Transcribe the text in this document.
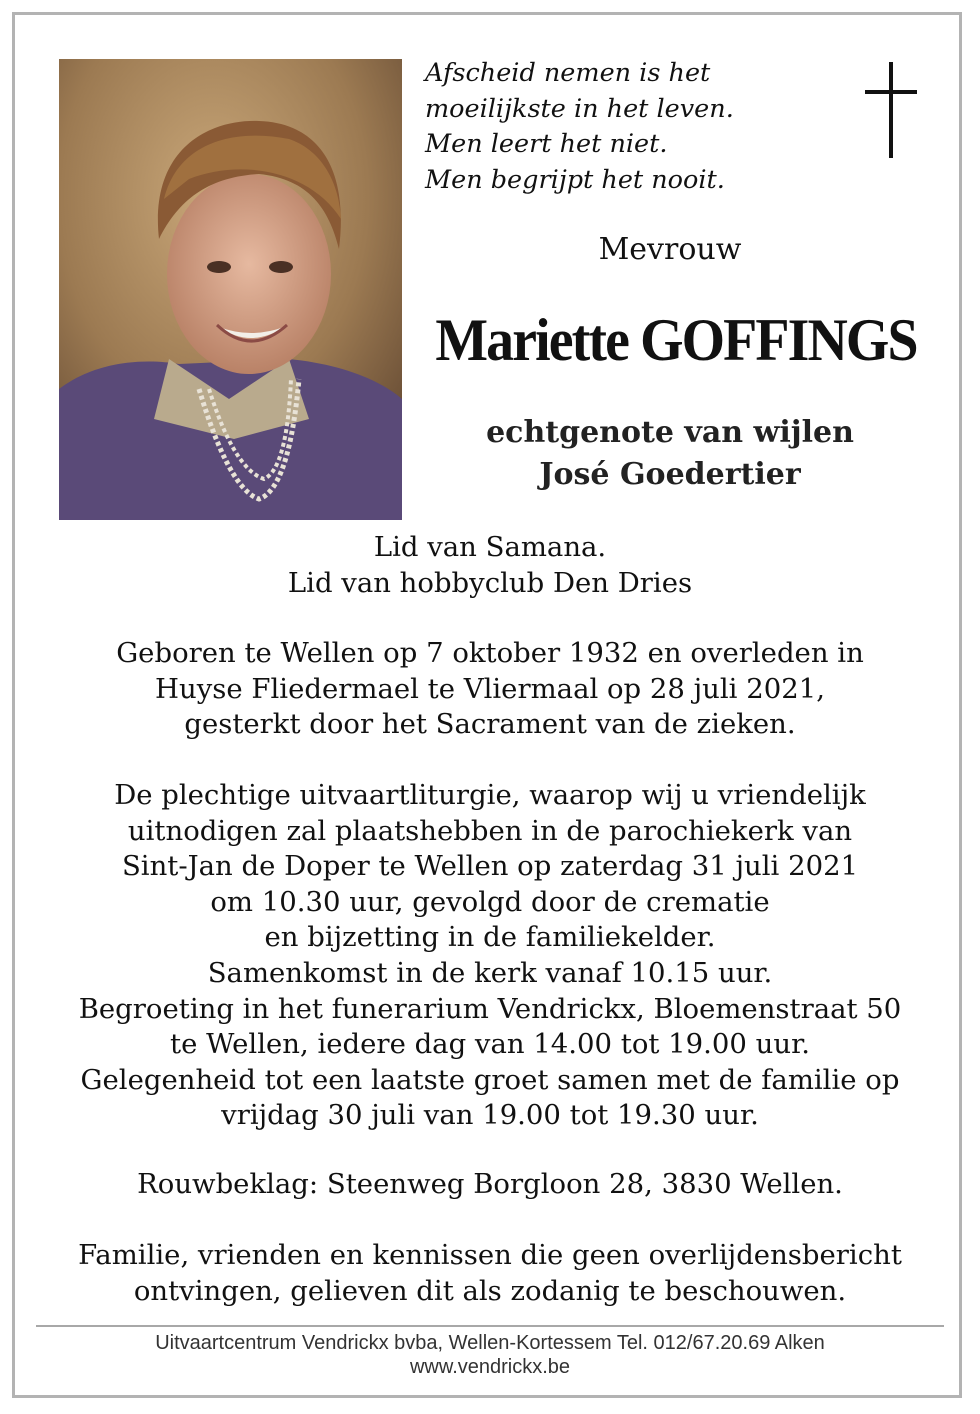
Afscheid nemen is het
moeilijkste in het leven.
Men leert het niet.
Men begrijpt het nooit.
Mevrouw
Mariette GOFFINGS
echtgenote van wijlen
José Goedertier
Lid van Samana.
Lid van hobbyclub Den Dries
Geboren te Wellen op 7 oktober 1932 en overleden in
Huyse Fliedermael te Vliermaal op 28 juli 2021,
gesterkt door het Sacrament van de zieken.
De plechtige uitvaartliturgie, waarop wij u vriendelijk
uitnodigen zal plaatshebben in de parochiekerk van
Sint-Jan de Doper te Wellen op zaterdag 31 juli 2021
om 10.30 uur, gevolgd door de crematie
en bijzetting in de familiekelder.
Samenkomst in de kerk vanaf 10.15 uur.
Begroeting in het funerarium Vendrickx, Bloemenstraat 50
te Wellen, iedere dag van 14.00 tot 19.00 uur.
Gelegenheid tot een laatste groet samen met de familie op
vrijdag 30 juli van 19.00 tot 19.30 uur.
Rouwbeklag: Steenweg Borgloon 28, 3830 Wellen.
Familie, vrienden en kennissen die geen overlijdensbericht
ontvingen, gelieven dit als zodanig te beschouwen.
Uitvaartcentrum Vendrickx bvba, Wellen-Kortessem Tel. 012/67.20.69 Alken
www.vendrickx.be
